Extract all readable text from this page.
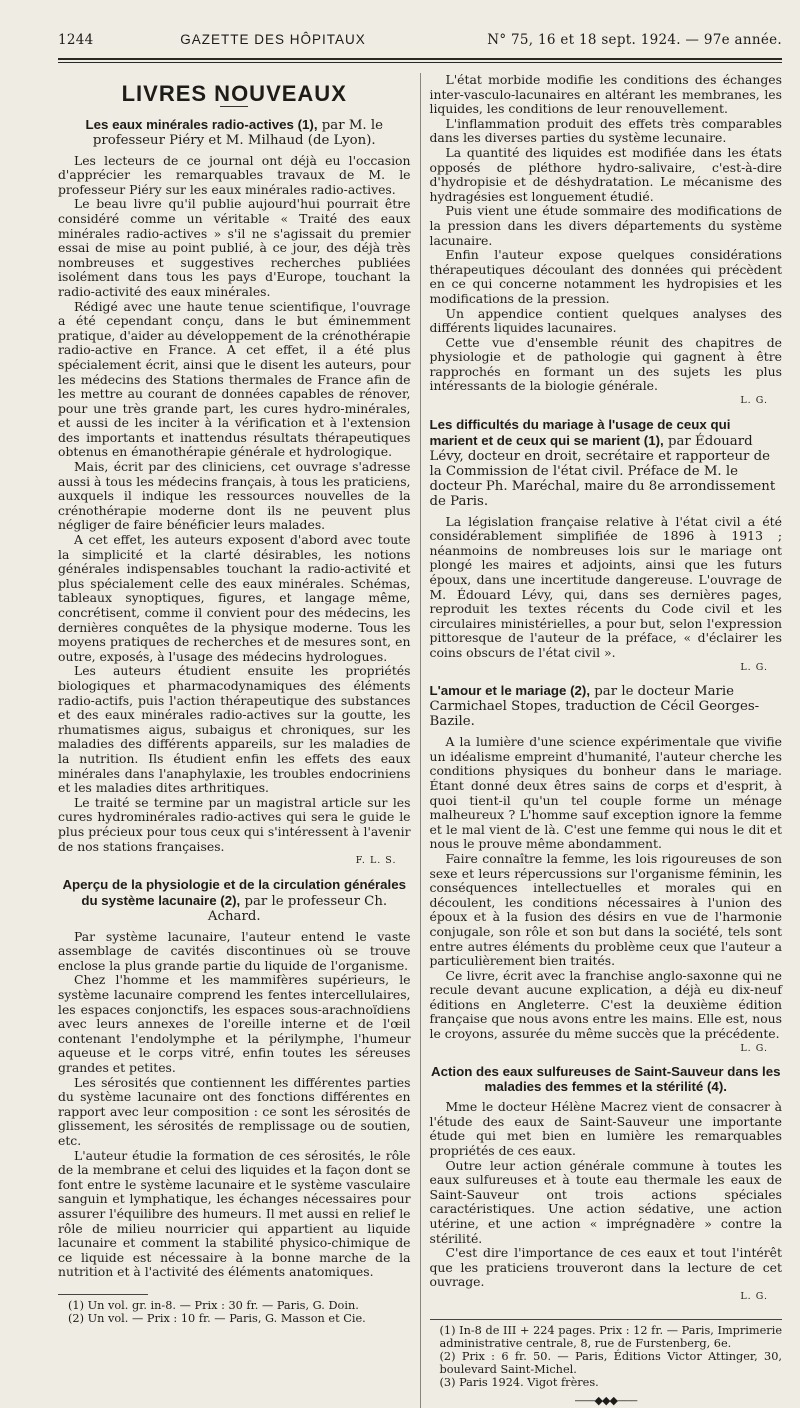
1244	GAZETTE DES HÔPITAUX	N° 75, 16 et 18 sept. 1924. — 97e année.
LIVRES NOUVEAUX
Les eaux minérales radio-actives (1), par M. le professeur Piéry et M. Milhaud (de Lyon).

Les lecteurs de ce journal ont déjà eu l'occasion d'apprécier les remarquables travaux de M. le professeur Piéry sur les eaux minérales radio-actives.

Le beau livre qu'il publie aujourd'hui pourrait être considéré comme un véritable « Traité des eaux minérales radio-actives » s'il ne s'agissait du premier essai de mise au point publié, à ce jour, des déjà très nombreuses et suggestives recherches publiées isolément dans tous les pays d'Europe, touchant la radio-activité des eaux minérales.

Rédigé avec une haute tenue scientifique, l'ouvrage a été cependant conçu, dans le but éminemment pratique, d'aider au développement de la crénothérapie radio-active en France. A cet effet, il a été plus spécialement écrit, ainsi que le disent les auteurs, pour les médecins des Stations thermales de France afin de les mettre au courant de données capables de rénover, pour une très grande part, les cures hydro-minérales, et aussi de les inciter à la vérification et à l'extension des importants et inattendus résultats thérapeutiques obtenus en émanothérapie générale et hydrologique.

Mais, écrit par des cliniciens, cet ouvrage s'adresse aussi à tous les médecins français, à tous les praticiens, auxquels il indique les ressources nouvelles de la crénothérapie moderne dont ils ne peuvent plus négliger de faire bénéficier leurs malades.

A cet effet, les auteurs exposent d'abord avec toute la simplicité et la clarté désirables, les notions générales indispensables touchant la radio-activité et plus spécialement celle des eaux minérales. Schémas, tableaux synoptiques, figures, et langage même, concrétisent, comme il convient pour des médecins, les dernières conquêtes de la physique moderne. Tous les moyens pratiques de recherches et de mesures sont, en outre, exposés, à l'usage des médecins hydrologues.

Les auteurs étudient ensuite les propriétés biologiques et pharmacodynamiques des éléments radio-actifs, puis l'action thérapeutique des substances et des eaux minérales radio-actives sur la goutte, les rhumatismes aigus, subaigus et chroniques, sur les maladies des différents appareils, sur les maladies de la nutrition. Ils étudient enfin les effets des eaux minérales dans l'anaphylaxie, les troubles endocriniens et les maladies dites arthritiques.

Le traité se termine par un magistral article sur les cures hydrominérales radio-actives qui sera le guide le plus précieux pour tous ceux qui s'intéressent à l'avenir de nos stations françaises.

F. L. S.
Aperçu de la physiologie et de la circulation générales du système lacunaire (2), par le professeur Ch. Achard.

Par système lacunaire, l'auteur entend le vaste assemblage de cavités discontinues où se trouve enclose la plus grande partie du liquide de l'organisme.

Chez l'homme et les mammifères supérieurs, le système lacunaire comprend les fentes intercellulaires, les espaces conjonctifs, les espaces sous-arachnoïdiens avec leurs annexes de l'oreille interne et de l'œil contenant l'endolymphe et la périlymphe, l'humeur aqueuse et le corps vitré, enfin toutes les séreuses grandes et petites.

Les sérosités que contiennent les différentes parties du système lacunaire ont des fonctions différentes en rapport avec leur composition : ce sont les sérosités de glissement, les sérosités de remplissage ou de soutien, etc.

L'auteur étudie la formation de ces sérosités, le rôle de la membrane et celui des liquides et la façon dont se font entre le système lacunaire et le système vasculaire sanguin et lymphatique, les échanges nécessaires pour assurer l'équilibre des humeurs. Il met aussi en relief le rôle de milieu nourricier qui appartient au liquide lacunaire et comment la stabilité physico-chimique de ce liquide est nécessaire à la bonne marche de la nutrition et à l'activité des éléments anatomiques.

(1) Un vol. gr. in-8. — Prix : 30 fr. — Paris, G. Doin.

(2) Un vol. — Prix : 10 fr. — Paris, G. Masson et Cie.

L'état morbide modifie les conditions des échanges inter-vasculo-lacunaires en altérant les membranes, les liquides, les conditions de leur renouvellement.

L'inflammation produit des effets très comparables dans les diverses parties du système lecunaire.

La quantité des liquides est modifiée dans les états opposés de pléthore hydro-salivaire, c'est-à-dire d'hydropisie et de déshydratation. Le mécanisme des hydragésies est longuement étudié.

Puis vient une étude sommaire des modifications de la pression dans les divers départements du système lacunaire.

Enfin l'auteur expose quelques considérations thérapeutiques découlant des données qui précèdent en ce qui concerne notamment les hydropisies et les modifications de la pression.

Un appendice contient quelques analyses des différents liquides lacunaires.

Cette vue d'ensemble réunit des chapitres de physiologie et de pathologie qui gagnent à être rapprochés en formant un des sujets les plus intéressants de la biologie générale.

L. G.
Les difficultés du mariage à l'usage de ceux qui marient et de ceux qui se marient (1), par Édouard Lévy, docteur en droit, secrétaire et rapporteur de la Commission de l'état civil. Préface de M. le docteur Ph. Maréchal, maire du 8e arrondissement de Paris.

La législation française relative à l'état civil a été considérablement simplifiée de 1896 à 1913 ; néanmoins de nombreuses lois sur le mariage ont plongé les maires et adjoints, ainsi que les futurs époux, dans une incertitude dangereuse. L'ouvrage de M. Édouard Lévy, qui, dans ses dernières pages, reproduit les textes récents du Code civil et les circulaires ministérielles, a pour but, selon l'expression pittoresque de l'auteur de la préface, « d'éclairer les coins obscurs de l'état civil ».

L. G.
L'amour et le mariage (2), par le docteur Marie Carmichael Stopes, traduction de Cécil Georges-Bazile.

A la lumière d'une science expérimentale que vivifie un idéalisme empreint d'humanité, l'auteur cherche les conditions physiques du bonheur dans le mariage. Étant donné deux êtres sains de corps et d'esprit, à quoi tient-il qu'un tel couple forme un ménage malheureux ? L'homme sauf exception ignore la femme et le mal vient de là. C'est une femme qui nous le dit et nous le prouve même abondamment.

Faire connaître la femme, les lois rigoureuses de son sexe et leurs répercussions sur l'organisme féminin, les conséquences intellectuelles et morales qui en découlent, les conditions nécessaires à l'union des époux et à la fusion des désirs en vue de l'harmonie conjugale, son rôle et son but dans la société, tels sont entre autres éléments du problème ceux que l'auteur a particulièrement bien traités.

Ce livre, écrit avec la franchise anglo-saxonne qui ne recule devant aucune explication, a déjà eu dix-neuf éditions en Angleterre. C'est la deuxième édition française que nous avons entre les mains. Elle est, nous le croyons, assurée du même succès que la précédente.

L. G.
Action des eaux sulfureuses de Saint-Sauveur dans les maladies des femmes et la stérilité (4).

Mme le docteur Hélène Macrez vient de consacrer à l'étude des eaux de Saint-Sauveur une importante étude qui met bien en lumière les remarquables propriétés de ces eaux.

Outre leur action générale commune à toutes les eaux sulfureuses et à toute eau thermale les eaux de Saint-Sauveur ont trois actions spéciales caractéristiques. Une action sédative, une action utérine, et une action « imprégnadère » contre la stérilité.

C'est dire l'importance de ces eaux et tout l'intérêt que les praticiens trouveront dans la lecture de cet ouvrage.

L. G.

(1) In-8 de III + 224 pages. Prix : 12 fr. — Paris, Imprimerie administrative centrale, 8, rue de Furstenberg, 6e.

(2) Prix : 6 fr. 50. — Paris, Éditions Victor Attinger, 30, boulevard Saint-Michel.

(3) Paris 1924. Vigot frères.

——◆◆◆——
